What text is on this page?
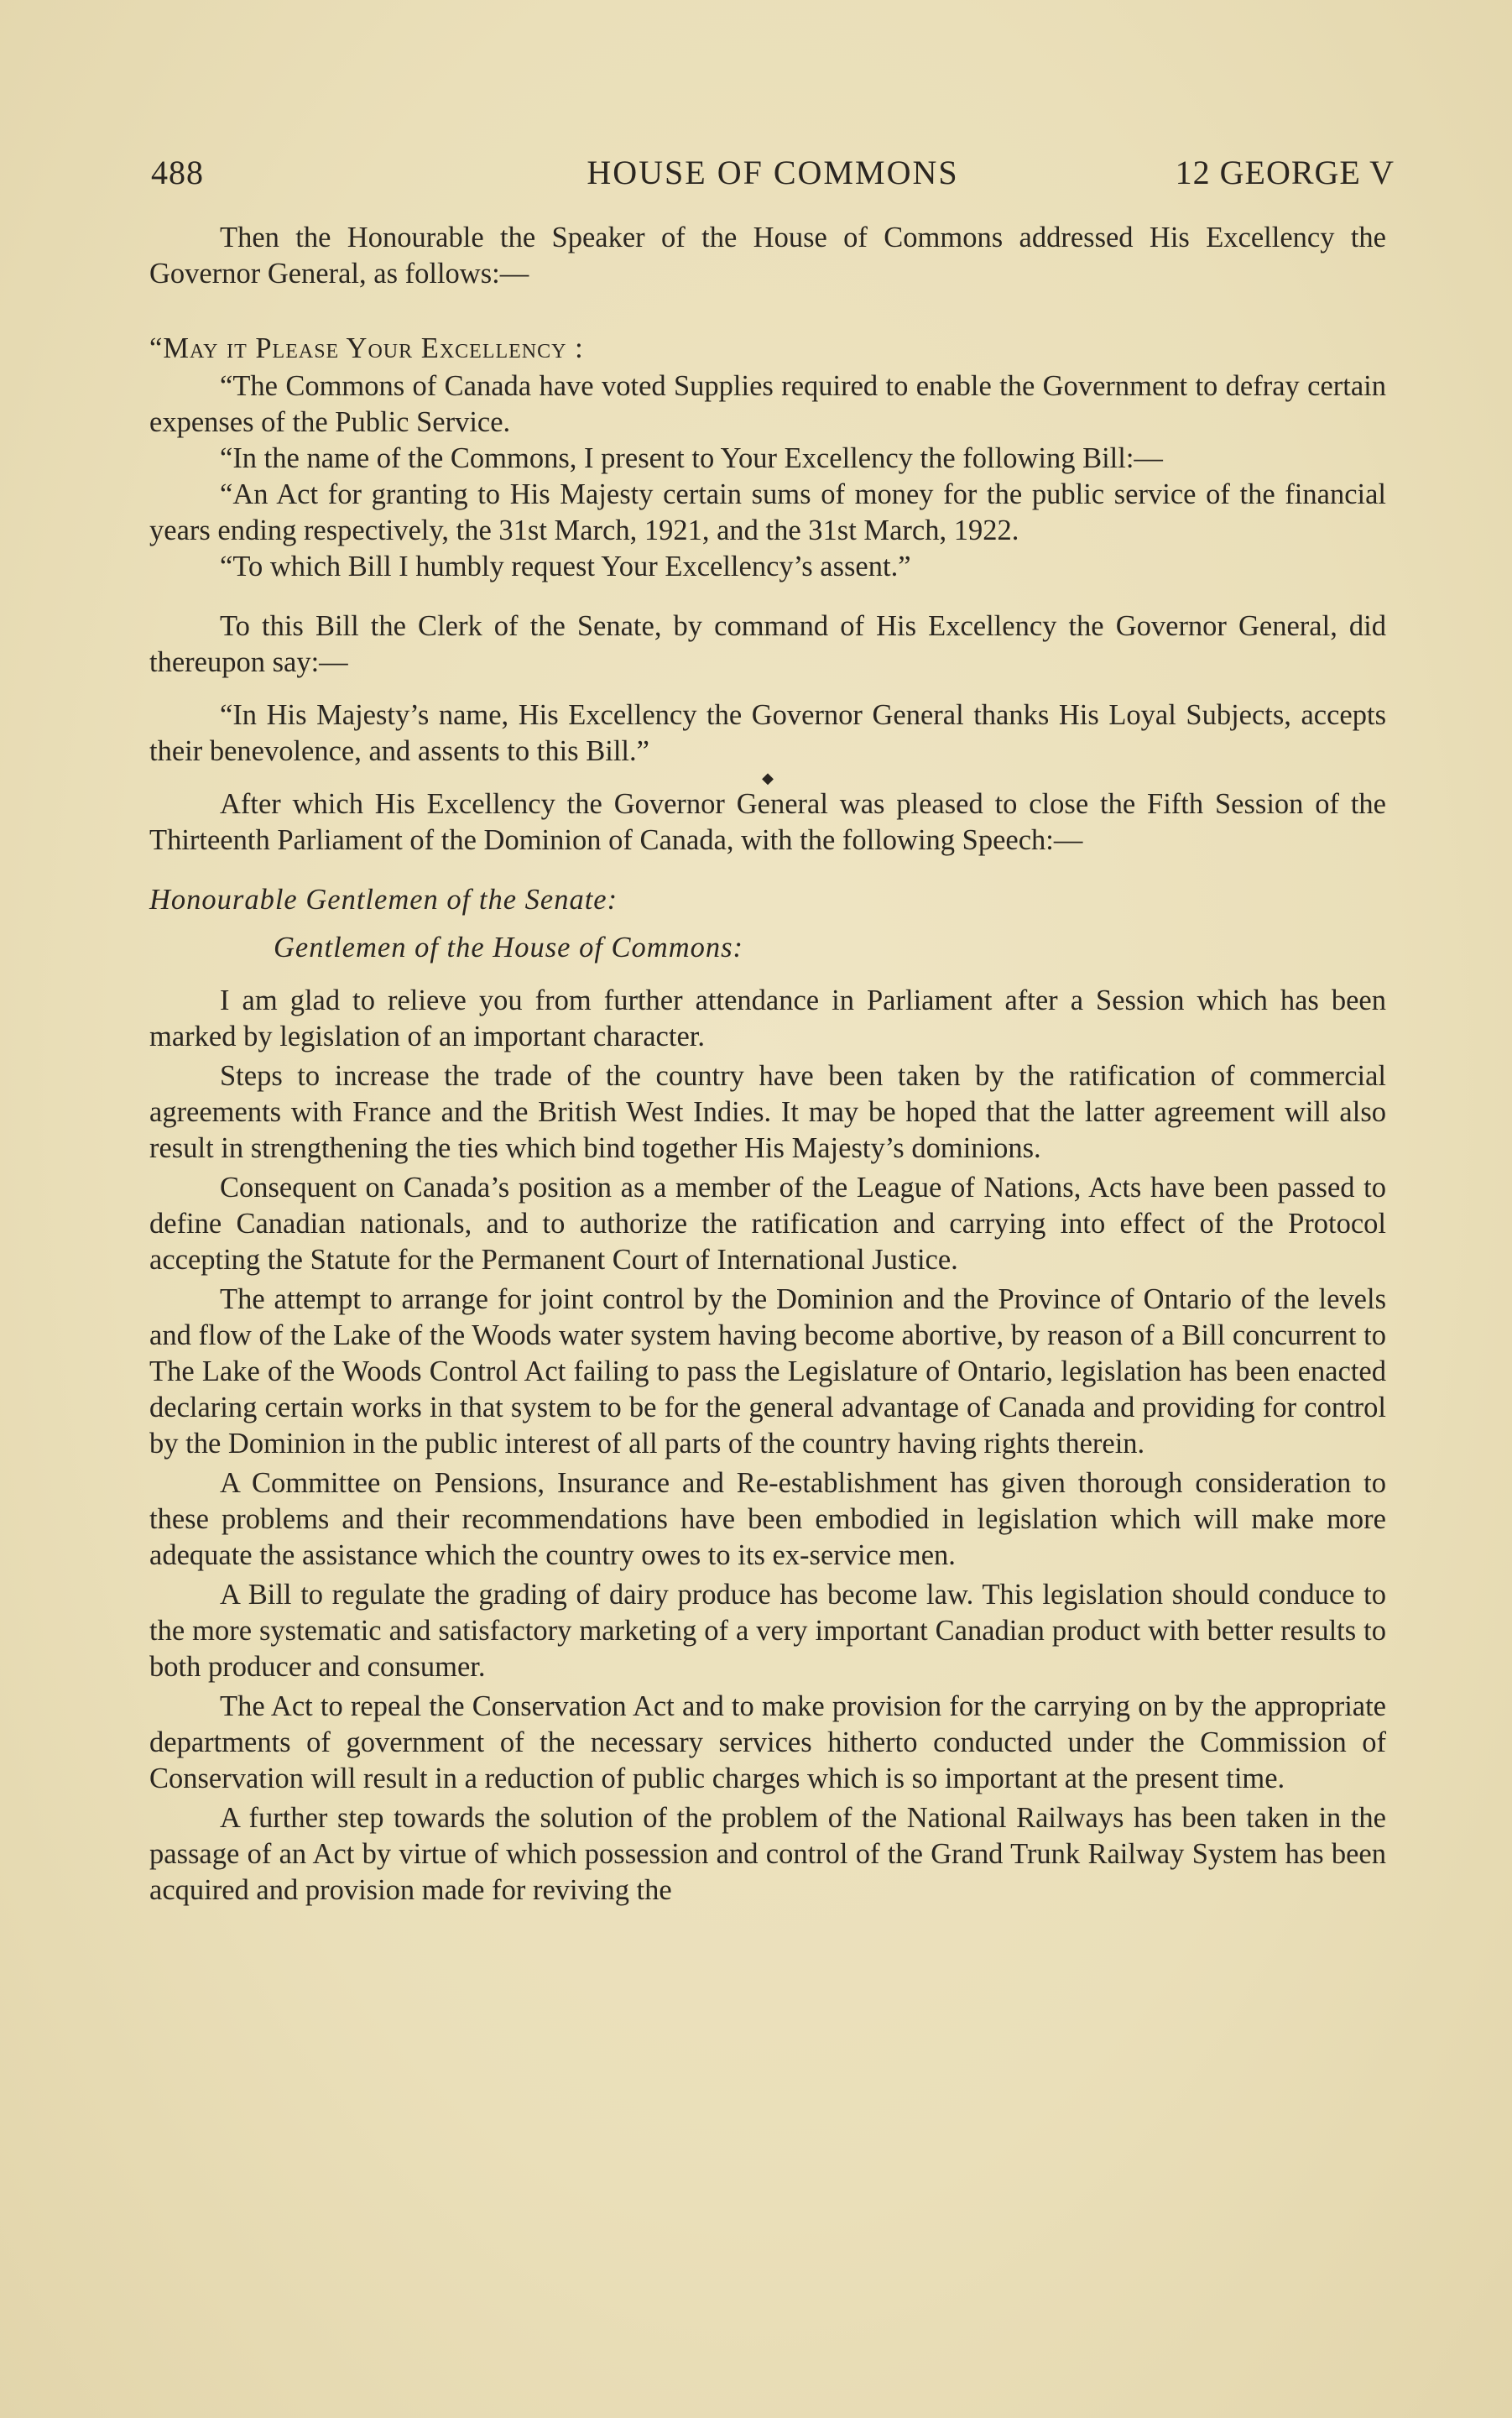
488	HOUSE OF COMMONS	12 GEORGE V

Then the Honourable the Speaker of the House of Commons addressed His Excellency the Governor General, as follows:—

“May it Please Your Excellency :

“The Commons of Canada have voted Supplies required to enable the Government to defray certain expenses of the Public Service.

“In the name of the Commons, I present to Your Excellency the following Bill:—

“An Act for granting to His Majesty certain sums of money for the public service of the financial years ending respectively, the 31st March, 1921, and the 31st March, 1922.

“To which Bill I humbly request Your Excellency’s assent.”

To this Bill the Clerk of the Senate, by command of His Excellency the Governor General, did thereupon say:—

“In His Majesty’s name, His Excellency the Governor General thanks His Loyal Subjects, accepts their benevolence, and assents to this Bill.”

◆

After which His Excellency the Governor General was pleased to close the Fifth Session of the Thirteenth Parliament of the Dominion of Canada, with the following Speech:—

Honourable Gentlemen of the Senate:

Gentlemen of the House of Commons:

I am glad to relieve you from further attendance in Parliament after a Session which has been marked by legislation of an important character.

Steps to increase the trade of the country have been taken by the ratification of commercial agreements with France and the British West Indies. It may be hoped that the latter agreement will also result in strengthening the ties which bind together His Majesty’s dominions.

Consequent on Canada’s position as a member of the League of Nations, Acts have been passed to define Canadian nationals, and to authorize the ratification and carrying into effect of the Protocol accepting the Statute for the Permanent Court of International Justice.

The attempt to arrange for joint control by the Dominion and the Province of Ontario of the levels and flow of the Lake of the Woods water system having become abortive, by reason of a Bill concurrent to The Lake of the Woods Control Act failing to pass the Legislature of Ontario, legislation has been enacted declaring certain works in that system to be for the general advantage of Canada and providing for control by the Dominion in the public interest of all parts of the country having rights therein.

A Committee on Pensions, Insurance and Re-establishment has given thorough consideration to these problems and their recommendations have been embodied in legislation which will make more adequate the assistance which the country owes to its ex-service men.

A Bill to regulate the grading of dairy produce has become law. This legislation should conduce to the more systematic and satisfactory marketing of a very important Canadian product with better results to both producer and consumer.

The Act to repeal the Conservation Act and to make provision for the carrying on by the appropriate departments of government of the necessary services hitherto conducted under the Commission of Conservation will result in a reduction of public charges which is so important at the present time.

A further step towards the solution of the problem of the National Railways has been taken in the passage of an Act by virtue of which possession and control of the Grand Trunk Railway System has been acquired and provision made for reviving the
